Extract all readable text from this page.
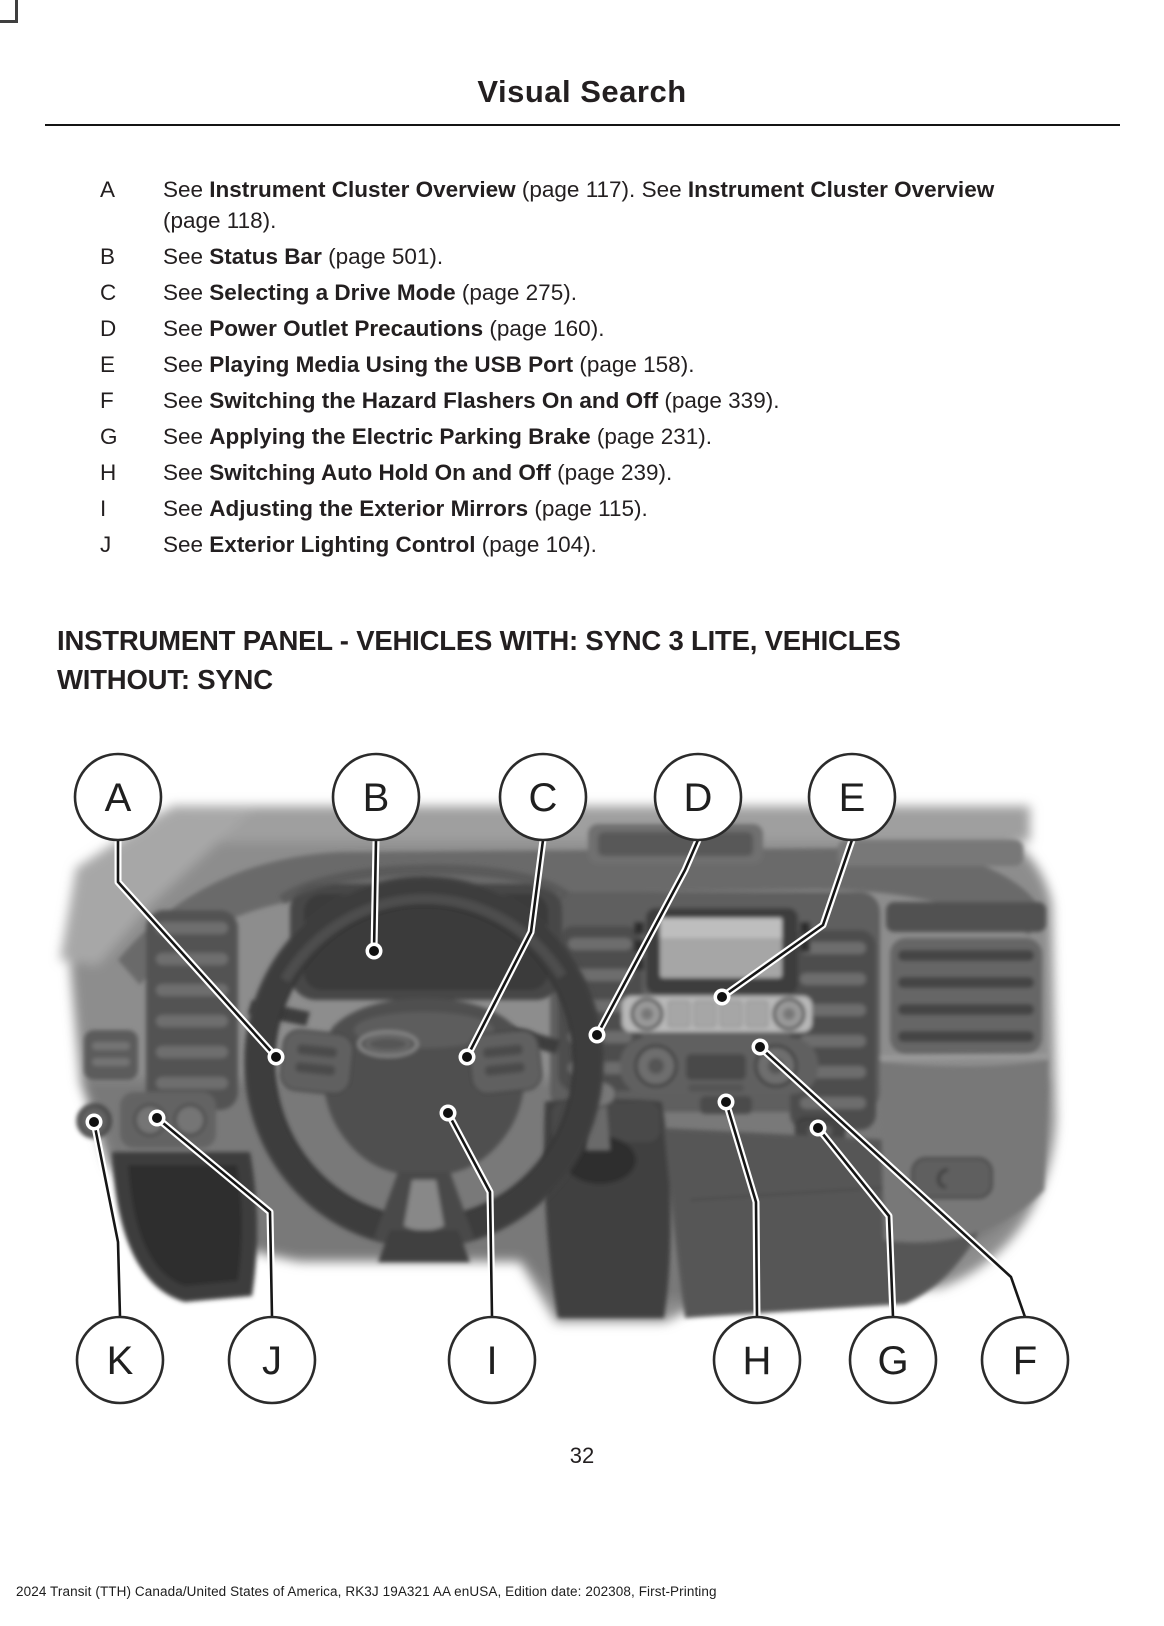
Visual Search
A	See Instrument Cluster Overview (page 117). See Instrument Cluster Overview (page 118).
B	See Status Bar (page 501).
C	See Selecting a Drive Mode (page 275).
D	See Power Outlet Precautions (page 160).
E	See Playing Media Using the USB Port (page 158).
F	See Switching the Hazard Flashers On and Off (page 339).
G	See Applying the Electric Parking Brake (page 231).
H	See Switching Auto Hold On and Off (page 239).
I	See Adjusting the Exterior Mirrors (page 115).
J	See Exterior Lighting Control (page 104).
INSTRUMENT PANEL - VEHICLES WITH: SYNC 3 LITE, VEHICLES
WITHOUT: SYNC
A	B	C	D	E
K	J	I	H	G	F
32
2024 Transit (TTH) Canada/United States of America, RK3J 19A321 AA enUSA, Edition date: 202308, First-Printing
